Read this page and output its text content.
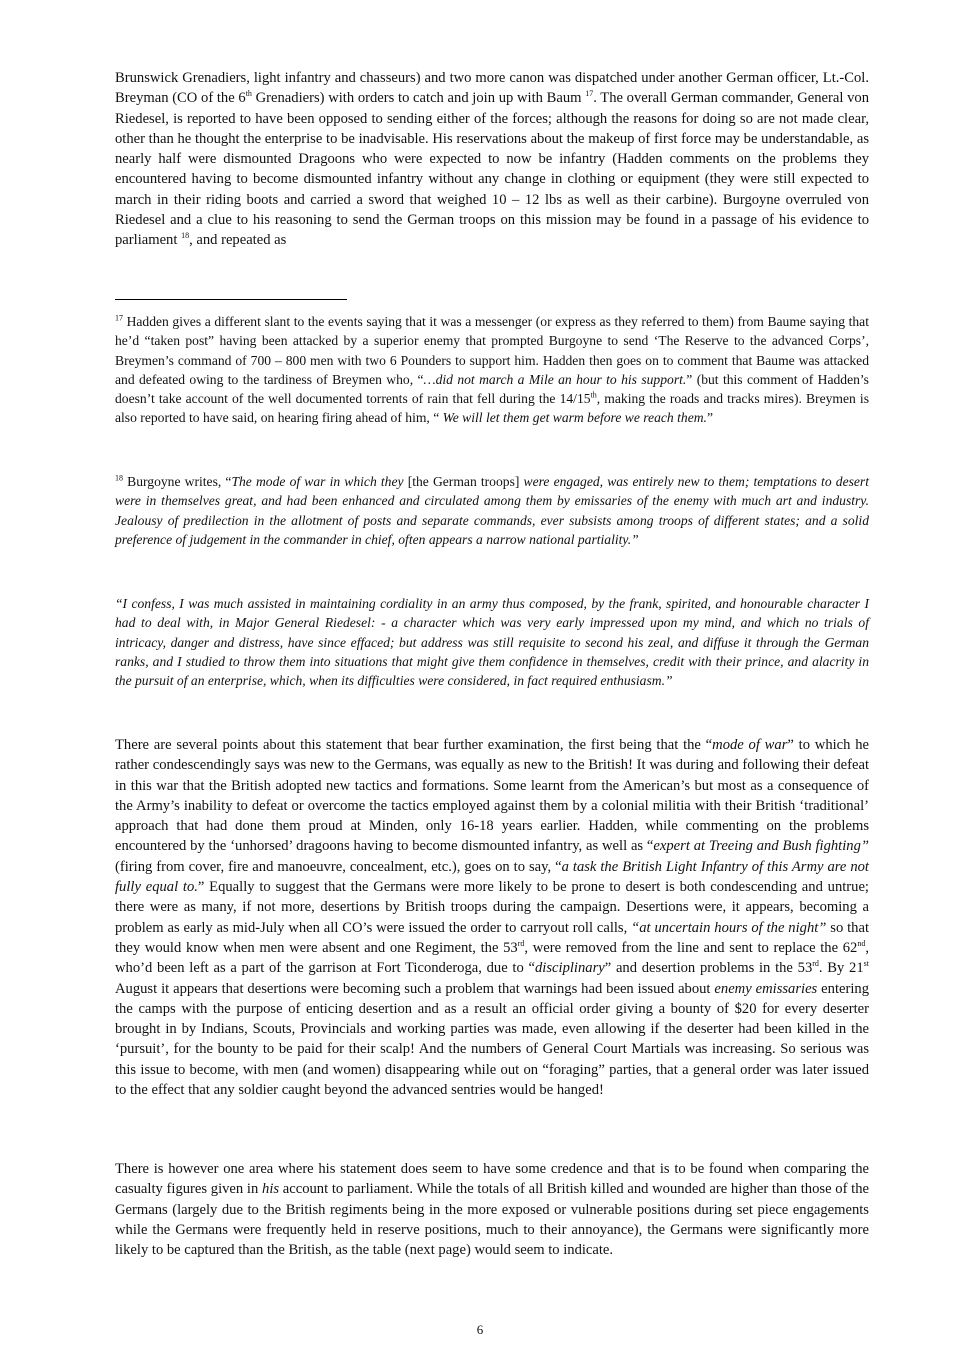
Brunswick Grenadiers, light infantry and chasseurs) and two more canon was dispatched under another German officer, Lt.-Col. Breyman (CO of the 6th Grenadiers) with orders to catch and join up with Baum $^{17}$. The overall German commander, General von Riedesel, is reported to have been opposed to sending either of the forces; although the reasons for doing so are not made clear, other than he thought the enterprise to be inadvisable. His reservations about the makeup of first force may be understandable, as nearly half were dismounted Dragoons who were expected to now be infantry (Hadden comments on the problems they encountered having to become dismounted infantry without any change in clothing or equipment (they were still expected to march in their riding boots and carried a sword that weighed 10 – 12 lbs as well as their carbine). Burgoyne overruled von Riedesel and a clue to his reasoning to send the German troops on this mission may be found in a passage of his evidence to parliament $^{18}$, and repeated as

$^{17}$ Hadden gives a different slant to the events saying that it was a messenger (or express as they referred to them) from Baume saying that he’d “taken post” having been attacked by a superior enemy that prompted Burgoyne to send ‘The Reserve to the advanced Corps’, Breymen’s command of 700 – 800 men with two 6 Pounders to support him. Hadden then goes on to comment that Baume was attacked and defeated owing to the tardiness of Breymen who, “…did not march a Mile an hour to his support.” (but this comment of Hadden’s doesn’t take account of the well documented torrents of rain that fell during the 14/15th, making the roads and tracks mires). Breymen is also reported to have said, on hearing firing ahead of him, “ We will let them get warm before we reach them.”

$^{18}$ Burgoyne writes, “The mode of war in which they [the German troops] were engaged, was entirely new to them; temptations to desert were in themselves great, and had been enhanced and circulated among them by emissaries of the enemy with much art and industry. Jealousy of predilection in the allotment of posts and separate commands, ever subsists among troops of different states; and a solid preference of judgement in the commander in chief, often appears a narrow national partiality.”

“I confess, I was much assisted in maintaining cordiality in an army thus composed, by the frank, spirited, and honourable character I had to deal with, in Major General Riedesel: - a character which was very early impressed upon my mind, and which no trials of intricacy, danger and distress, have since effaced; but address was still requisite to second his zeal, and diffuse it through the German ranks, and I studied to throw them into situations that might give them confidence in themselves, credit with their prince, and alacrity in the pursuit of an enterprise, which, when its difficulties were considered, in fact required enthusiasm.”

There are several points about this statement that bear further examination, the first being that the “mode of war” to which he rather condescendingly says was new to the Germans, was equally as new to the British! It was during and following their defeat in this war that the British adopted new tactics and formations. Some learnt from the American’s but most as a consequence of the Army’s inability to defeat or overcome the tactics employed against them by a colonial militia with their British ‘traditional’ approach that had done them proud at Minden, only 16-18 years earlier. Hadden, while commenting on the problems encountered by the ‘unhorsed’ dragoons having to become dismounted infantry, as well as “expert at Treeing and Bush fighting” (firing from cover, fire and manoeuvre, concealment, etc.), goes on to say, “a task the British Light Infantry of this Army are not fully equal to.” Equally to suggest that the Germans were more likely to be prone to desert is both condescending and untrue; there were as many, if not more, desertions by British troops during the campaign. Desertions were, it appears, becoming a problem as early as mid-July when all CO’s were issued the order to carryout roll calls, “at uncertain hours of the night” so that they would know when men were absent and one Regiment, the 53rd, were removed from the line and sent to replace the 62nd, who’d been left as a part of the garrison at Fort Ticonderoga, due to “disciplinary” and desertion problems in the 53rd. By 21st August it appears that desertions were becoming such a problem that warnings had been issued about enemy emissaries entering the camps with the purpose of enticing desertion and as a result an official order giving a bounty of $20 for every deserter brought in by Indians, Scouts, Provincials and working parties was made, even allowing if the deserter had been killed in the ‘pursuit’, for the bounty to be paid for their scalp! And the numbers of General Court Martials was increasing. So serious was this issue to become, with men (and women) disappearing while out on “foraging” parties, that a general order was later issued to the effect that any soldier caught beyond the advanced sentries would be hanged!

There is however one area where his statement does seem to have some credence and that is to be found when comparing the casualty figures given in his account to parliament. While the totals of all British killed and wounded are higher than those of the Germans (largely due to the British regiments being in the more exposed or vulnerable positions during set piece engagements while the Germans were frequently held in reserve positions, much to their annoyance), the Germans were significantly more likely to be captured than the British, as the table (next page) would seem to indicate.

6
